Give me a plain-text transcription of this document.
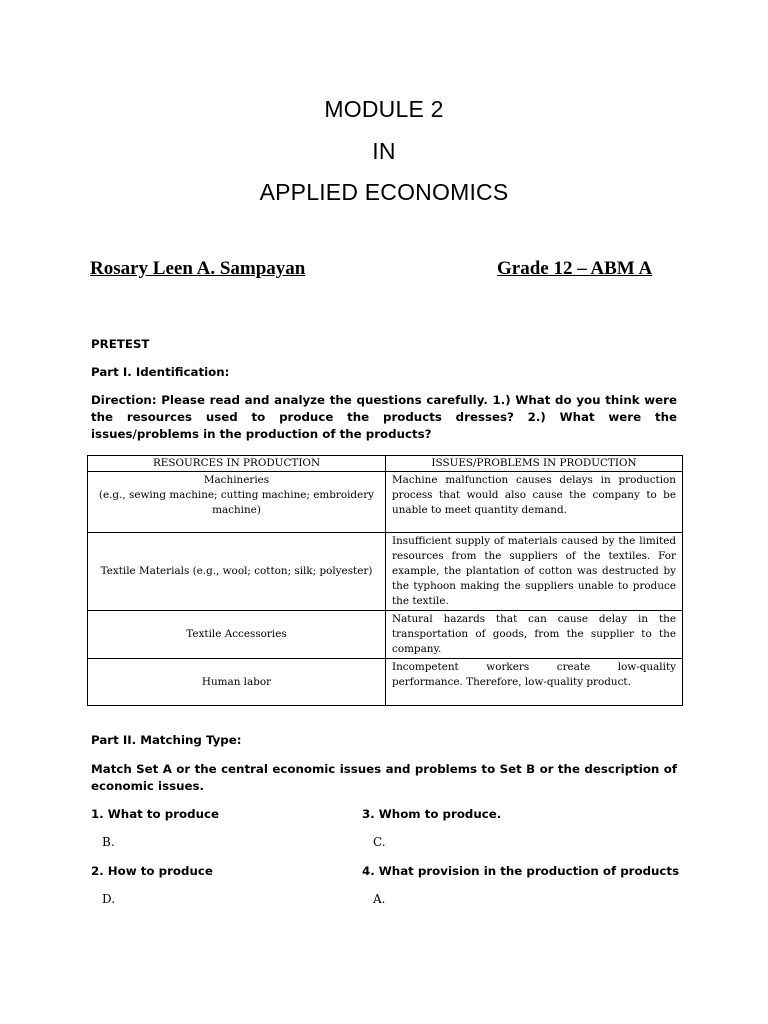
MODULE 2
IN
APPLIED ECONOMICS
Rosary Leen A. Sampayan	Grade 12 – ABM A
PRETEST
Part I. Identification:
Direction: Please read and analyze the questions carefully. 1.) What do you think were the resources used to produce the products dresses? 2.) What were the issues/problems in the production of the products?
RESOURCES IN PRODUCTION	ISSUES/PROBLEMS IN PRODUCTION

Machineries
(e.g., sewing machine; cutting machine; embroidery machine)	Machine malfunction causes delays in production process that would also cause the company to be unable to meet quantity demand.
Textile Materials (e.g., wool; cotton; silk; polyester)	Insufficient supply of materials caused by the limited resources from the suppliers of the textiles. For example, the plantation of cotton was destructed by the typhoon making the suppliers unable to produce the textile.
Textile Accessories	Natural hazards that can cause delay in the transportation of goods, from the supplier to the company.
Human labor	Incompetent workers create low-quality performance. Therefore, low-quality product.
Part II. Matching Type:
Match Set A or the central economic issues and problems to Set B or the description of economic issues.
1. What to produce
B.
3. Whom to produce.
C.
2. How to produce
D.
4. What provision in the production of products
A.
